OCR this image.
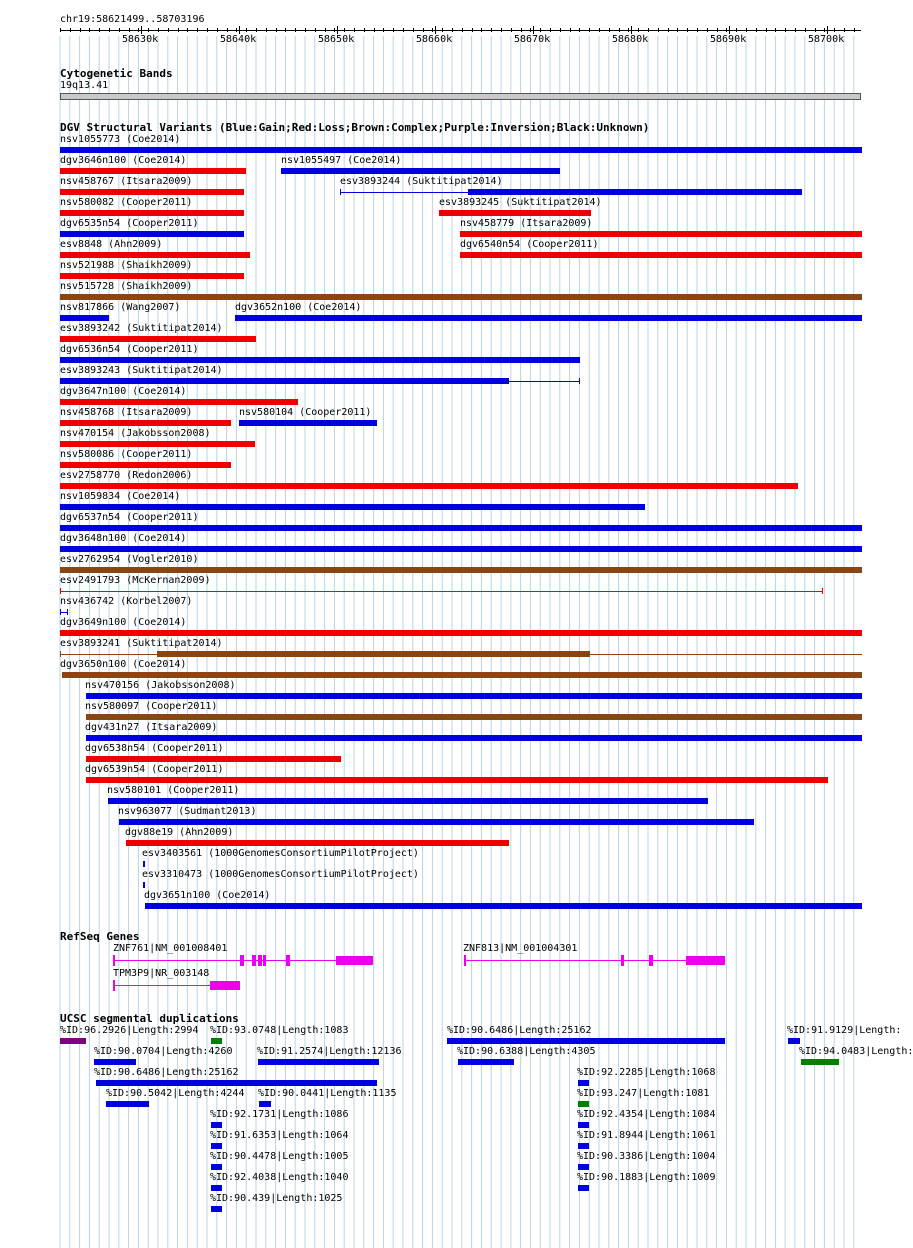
chr19:58621499..58703196
58630k	58640k	58650k	58660k	58670k	58680k	58690k	58700k
Cytogenetic Bands
19q13.41
DGV Structural Variants (Blue:Gain;Red:Loss;Brown:Complex;Purple:Inversion;Black:Unknown)
nsv1055773 (Coe2014)
dgv3646n100 (Coe2014)	nsv1055497 (Coe2014)
nsv458767 (Itsara2009)	esv3893244 (Suktitipat2014)
nsv580082 (Cooper2011)	esv3893245 (Suktitipat2014)
dgv6535n54 (Cooper2011)	nsv458779 (Itsara2009)
esv8848 (Ahn2009)	dgv6540n54 (Cooper2011)
nsv521988 (Shaikh2009)
nsv515728 (Shaikh2009)
nsv817866 (Wang2007)	dgv3652n100 (Coe2014)
esv3893242 (Suktitipat2014)
dgv6536n54 (Cooper2011)
esv3893243 (Suktitipat2014)
dgv3647n100 (Coe2014)
nsv458768 (Itsara2009)	nsv580104 (Cooper2011)
nsv470154 (Jakobsson2008)
nsv580086 (Cooper2011)
esv2758770 (Redon2006)
nsv1059834 (Coe2014)
dgv6537n54 (Cooper2011)
dgv3648n100 (Coe2014)
esv2762954 (Vogler2010)
esv2491793 (McKernan2009)
nsv436742 (Korbel2007)
dgv3649n100 (Coe2014)
esv3893241 (Suktitipat2014)
dgv3650n100 (Coe2014)
nsv470156 (Jakobsson2008)
nsv580097 (Cooper2011)
dgv431n27 (Itsara2009)
dgv6538n54 (Cooper2011)
dgv6539n54 (Cooper2011)
nsv580101 (Cooper2011)
nsv963077 (Sudmant2013)
dgv88e19 (Ahn2009)
esv3403561 (1000GenomesConsortiumPilotProject)
esv3310473 (1000GenomesConsortiumPilotProject)
dgv3651n100 (Coe2014)
RefSeq Genes
ZNF761|NM_001008401	ZNF813|NM_001004301
TPM3P9|NR_003148
UCSC segmental duplications
%ID:96.2926|Length:2994 %ID:93.0748|Length:1083	%ID:90.6486|Length:25162	%ID:91.9129|Length:
%ID:90.0704|Length:4260 %ID:91.2574|Length:12136	%ID:90.6388|Length:4305	%ID:94.0483|Length:
%ID:90.6486|Length:25162	%ID:92.2285|Length:1068
%ID:90.5042|Length:4244 %ID:90.0441|Length:1135	%ID:93.247|Length:1081
%ID:92.1731|Length:1086	%ID:92.4354|Length:1084
%ID:91.6353|Length:1064	%ID:91.8944|Length:1061
%ID:90.4478|Length:1005	%ID:90.3386|Length:1004
%ID:92.4038|Length:1040	%ID:90.1883|Length:1009
%ID:90.439|Length:1025
